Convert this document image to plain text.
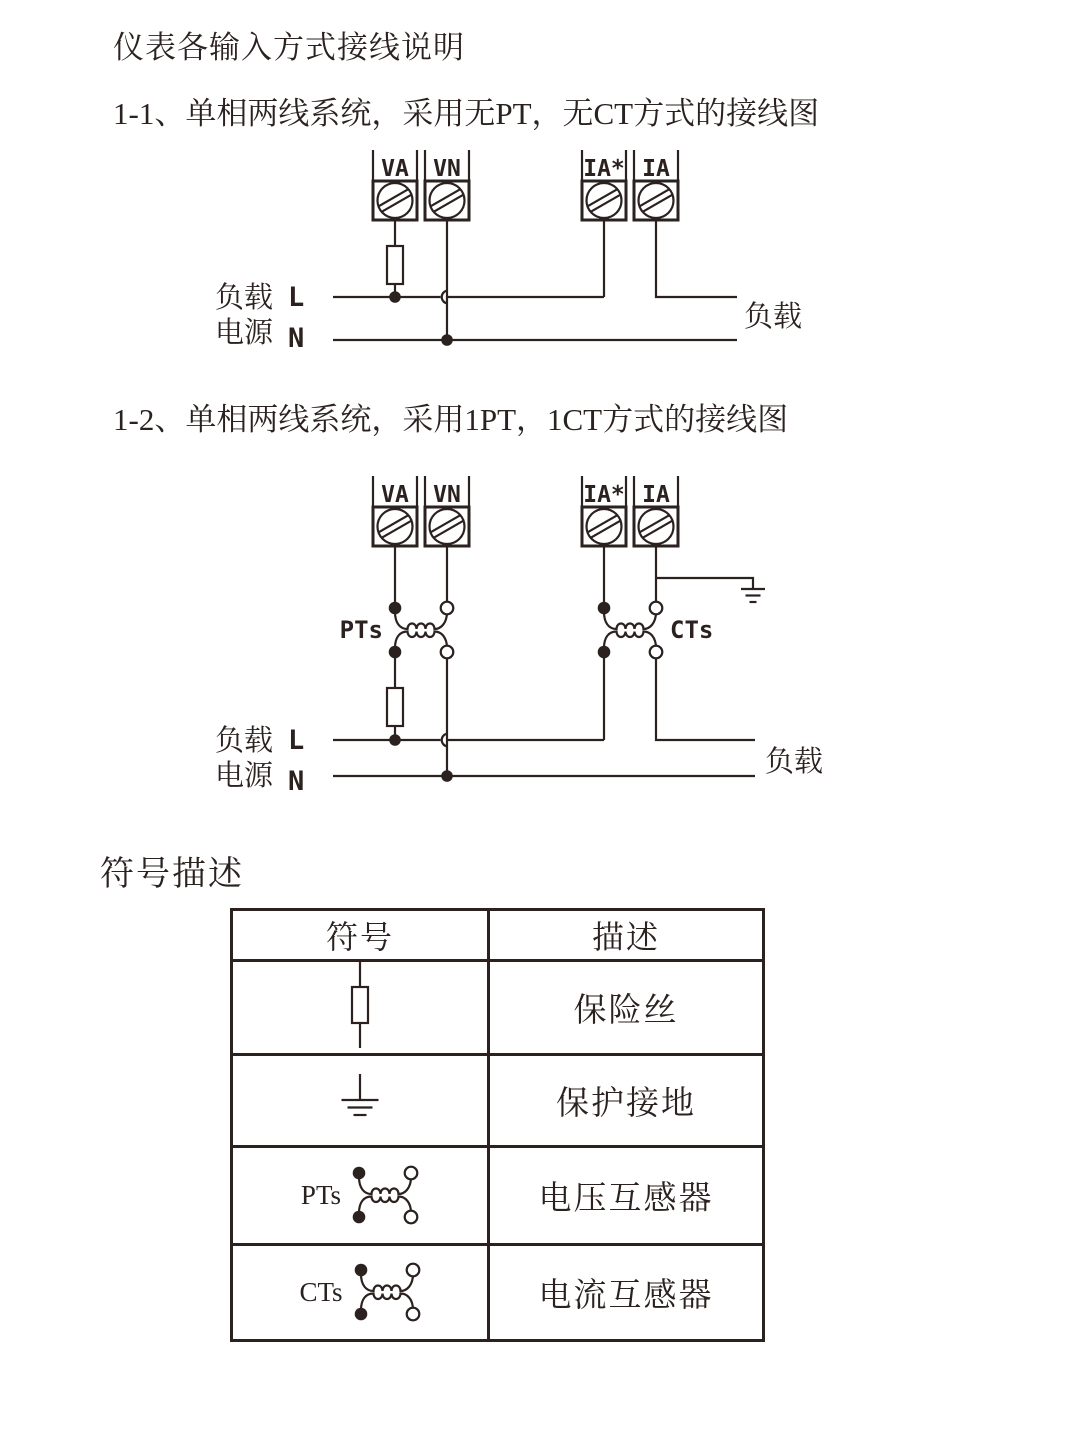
仪表各输入方式接线说明
1-1、单相两线系统，采用无PT，无CT方式的接线图
VA VN	IA* IA
负载 L
电源 N
负载
1-2、单相两线系统，采用1PT，1CT方式的接线图
VA VN	IA* IA
PTs	CTs
负载 L
电源 N
负载
符号描述
符号	描述
	保险丝
	保护接地

PTs	电压互感器

CTs	电流互感器
